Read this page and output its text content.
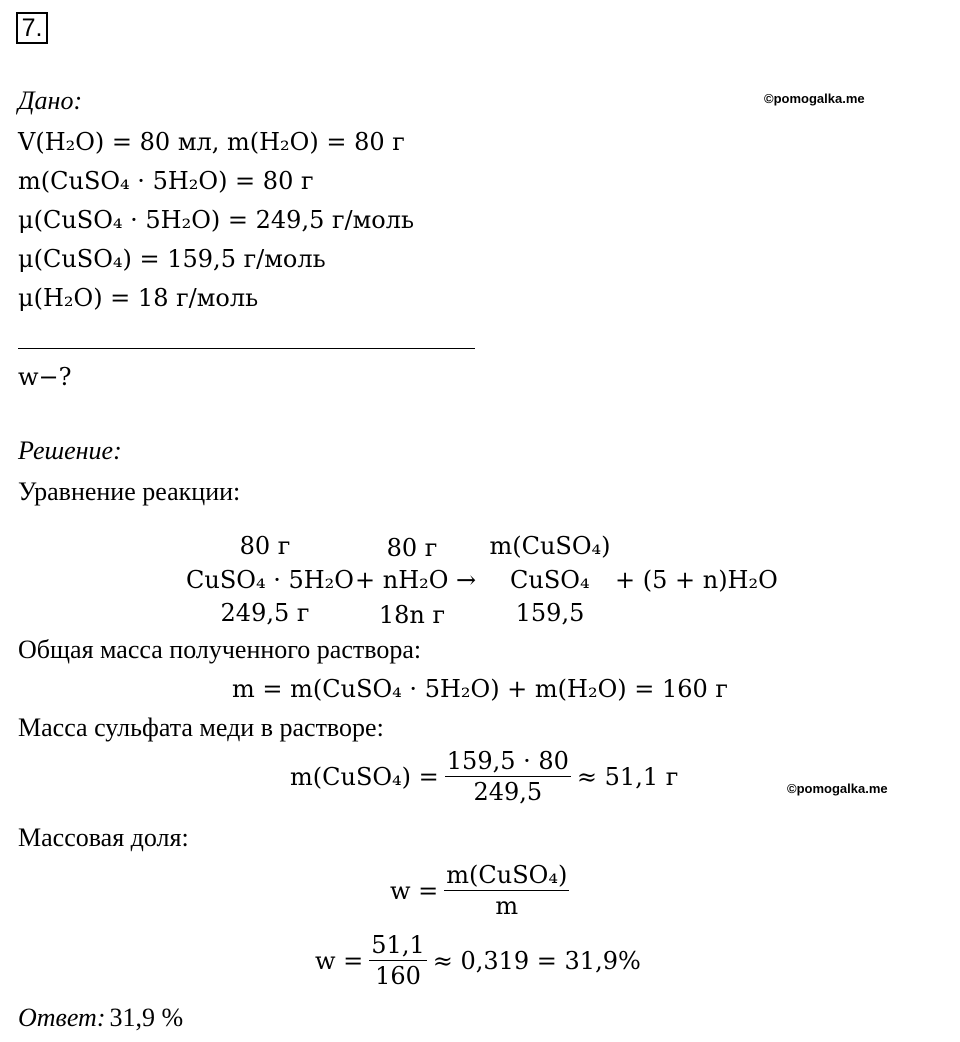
7.
Дано:	©pomogalka.me
V(H₂O) = 80 мл, m(H₂O) = 80 г
m(CuSO₄ · 5H₂O) = 80 г
μ(CuSO₄ · 5H₂O) = 249,5 г/моль
μ(CuSO₄) = 159,5 г/моль
μ(H₂O) = 18 г/моль
w−?
Решение:
Уравнение реакции:
80 г	80 г	m(CuSO₄)
CuSO₄ · 5H₂O + nH₂O → CuSO₄ + (5 + n)H₂O
249,5 г	18n г	159,5
Общая масса полученного раствора:
m = m(CuSO₄ · 5H₂O) + m(H₂O) = 160 г
Масса сульфата меди в растворе:
m(CuSO₄) = $\frac{159,5 \cdot 80}{249,5} \approx 51,1$ г	©pomogalka.me
Массовая доля:
$w = \frac{\text{m(CuSO₄)}}{m}$
$w = \frac{51,1}{160} \approx 0,319 = 31,9\%$
Ответ: 31,9 %
